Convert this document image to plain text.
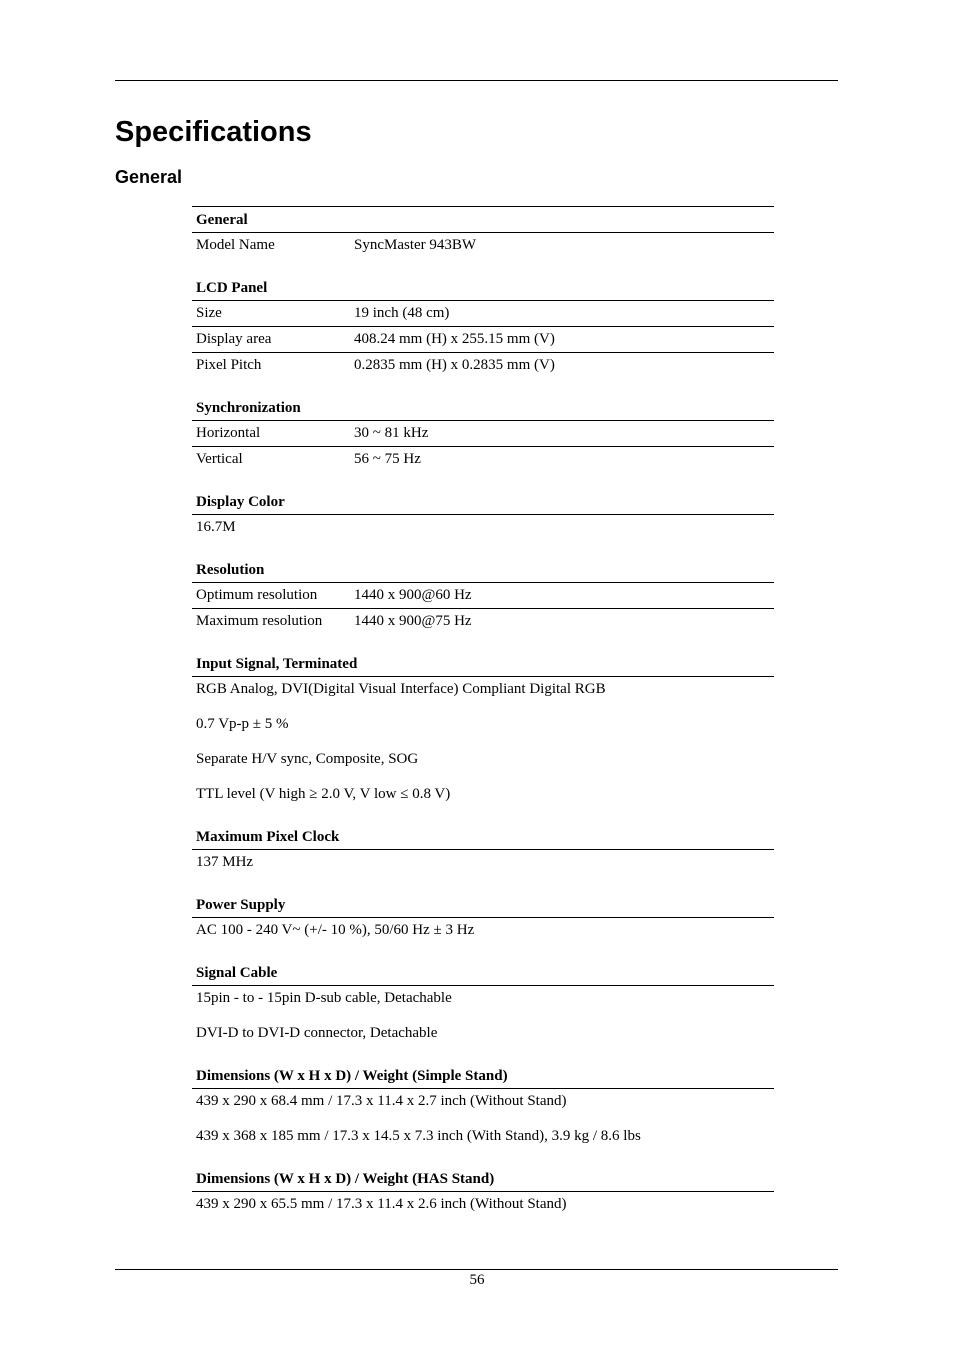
Specifications
General
General
Model Name	SyncMaster 943BW
LCD Panel
Size	19 inch (48 cm)
Display area	408.24 mm (H) x 255.15 mm (V)
Pixel Pitch	0.2835 mm (H) x 0.2835 mm (V)
Synchronization
Horizontal	30 ~ 81 kHz
Vertical	56 ~ 75 Hz
Display Color
16.7M
Resolution
Optimum resolution	1440 x 900@60 Hz
Maximum resolution	1440 x 900@75 Hz
Input Signal, Terminated
RGB Analog, DVI(Digital Visual Interface) Compliant Digital RGB
0.7 Vp-p ± 5 %
Separate H/V sync, Composite, SOG
TTL level (V high ≥ 2.0 V, V low ≤ 0.8 V)
Maximum Pixel Clock
137 MHz
Power Supply
AC 100 - 240 V~ (+/- 10 %), 50/60 Hz ± 3 Hz
Signal Cable
15pin - to - 15pin D-sub cable, Detachable
DVI-D to DVI-D connector, Detachable
Dimensions (W x H x D) / Weight (Simple Stand)
439 x 290 x 68.4 mm / 17.3 x 11.4 x 2.7 inch (Without Stand)
439 x 368 x 185 mm / 17.3 x 14.5 x 7.3 inch (With Stand), 3.9 kg / 8.6 lbs
Dimensions (W x H x D) / Weight (HAS Stand)
439 x 290 x 65.5 mm / 17.3 x 11.4 x 2.6 inch (Without Stand)
56
